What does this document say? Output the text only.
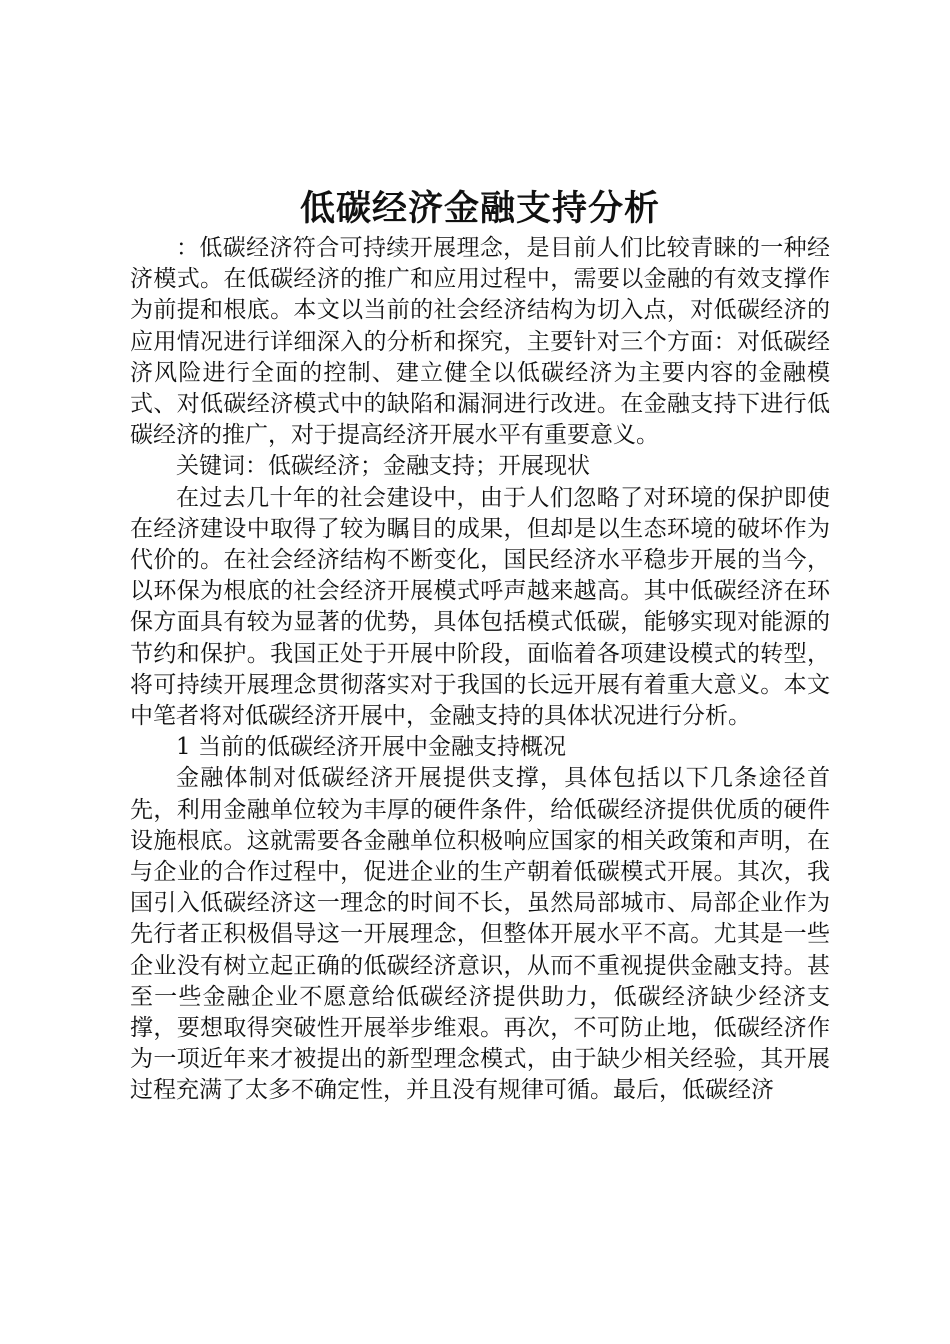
低碳经济金融支持分析

：低碳经济符合可持续开展理念，是目前人们比较青睐的一种经济模式。在低碳经济的推广和应用过程中，需要以金融的有效支撑作为前提和根底。本文以当前的社会经济结构为切入点，对低碳经济的应用情况进行详细深入的分析和探究，主要针对三个方面：对低碳经济风险进行全面的控制、建立健全以低碳经济为主要内容的金融模式、对低碳经济模式中的缺陷和漏洞进行改进。在金融支持下进行低碳经济的推广，对于提高经济开展水平有重要意义。

关键词：低碳经济；金融支持；开展现状

在过去几十年的社会建设中，由于人们忽略了对环境的保护即使在经济建设中取得了较为瞩目的成果，但却是以生态环境的破坏作为代价的。在社会经济结构不断变化，国民经济水平稳步开展的当今，以环保为根底的社会经济开展模式呼声越来越高。其中低碳经济在环保方面具有较为显著的优势，具体包括模式低碳，能够实现对能源的节约和保护。我国正处于开展中阶段，面临着各项建设模式的转型，将可持续开展理念贯彻落实对于我国的长远开展有着重大意义。本文中笔者将对低碳经济开展中，金融支持的具体状况进行分析。

1 当前的低碳经济开展中金融支持概况

金融体制对低碳经济开展提供支撑，具体包括以下几条途径首先，利用金融单位较为丰厚的硬件条件，给低碳经济提供优质的硬件设施根底。这就需要各金融单位积极响应国家的相关政策和声明，在与企业的合作过程中，促进企业的生产朝着低碳模式开展。其次，我国引入低碳经济这一理念的时间不长，虽然局部城市、局部企业作为先行者正积极倡导这一开展理念，但整体开展水平不高。尤其是一些企业没有树立起正确的低碳经济意识，从而不重视提供金融支持。甚至一些金融企业不愿意给低碳经济提供助力，低碳经济缺少经济支撑，要想取得突破性开展举步维艰。再次，不可防止地，低碳经济作为一项近年来才被提出的新型理念模式，由于缺少相关经验，其开展过程充满了太多不确定性，并且没有规律可循。最后，低碳经济
